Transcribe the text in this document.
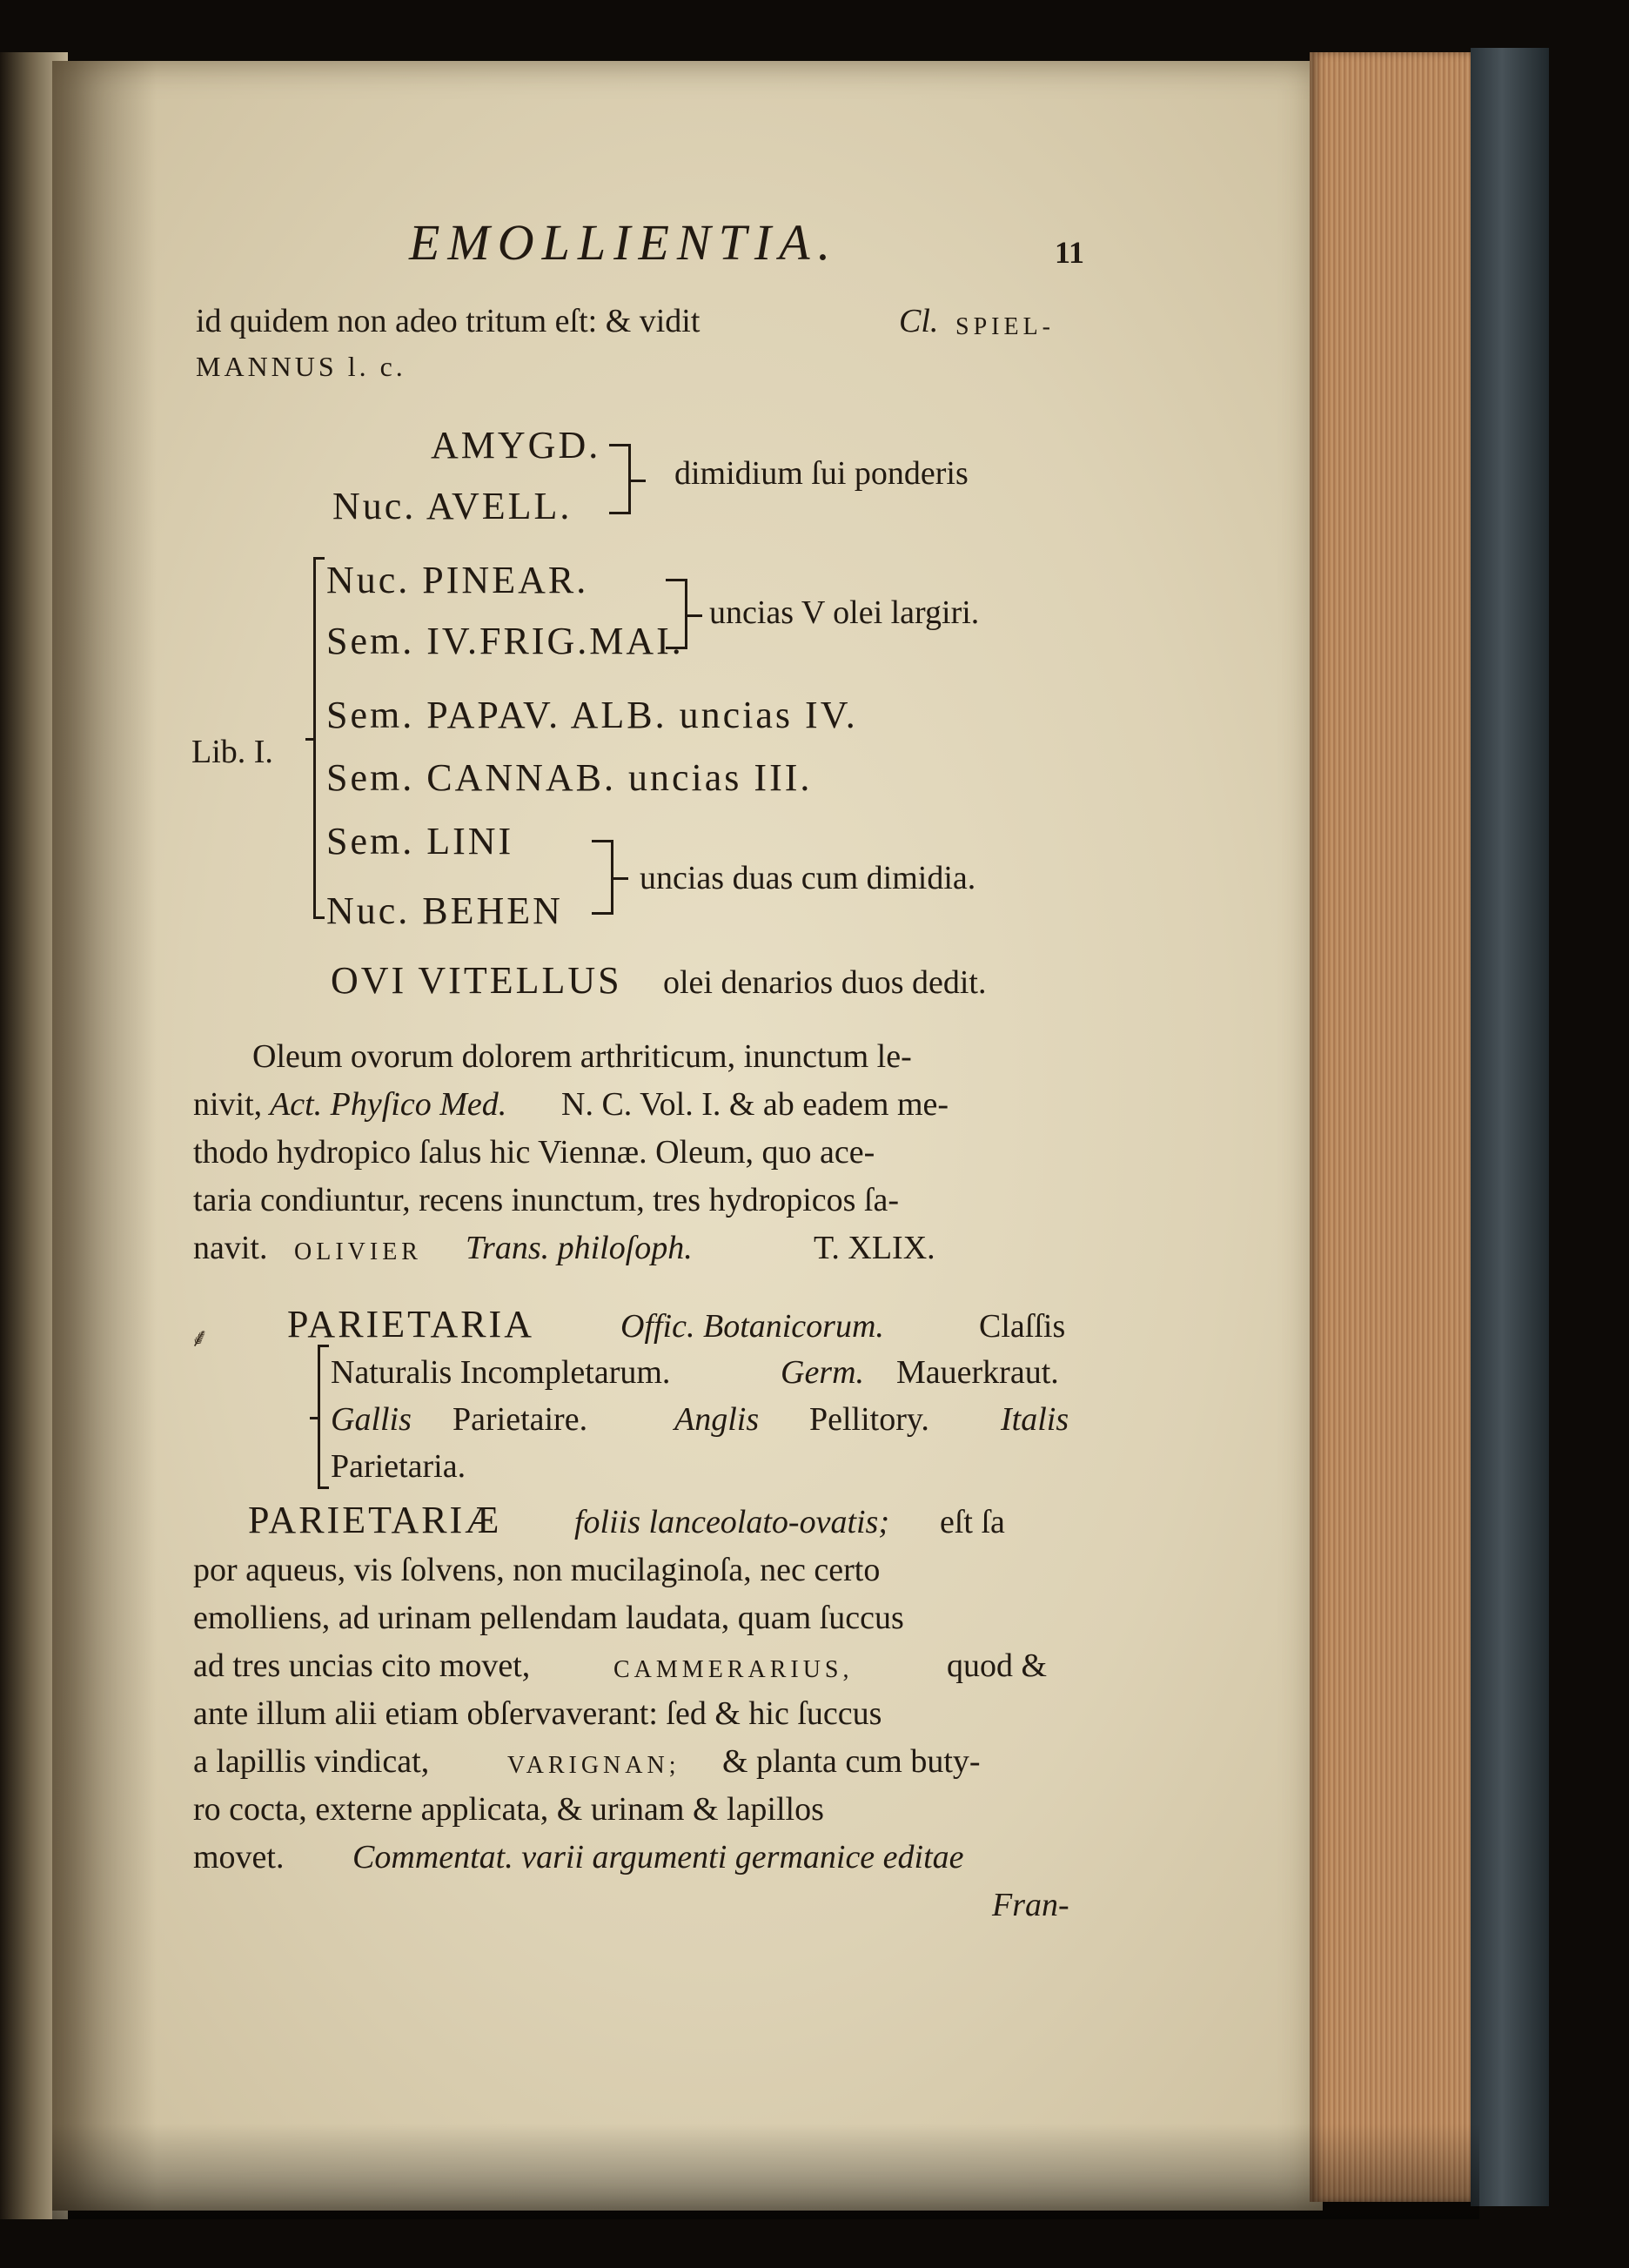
EMOLLIENTIA.	11
id quidem non adeo tritum eſt: & vidit	Cl. SPIEL-
MANNUS l. c.
AMYGD.
Nuc. AVELL.
dimidium ſui ponderis
Lib. I.
Nuc. PINEAR.
Sem. IV.FRIG.MAI.
uncias V olei largiri.
Sem. PAPAV. ALB. uncias IV.
Sem. CANNAB. uncias III.
Sem. LINI
Nuc. BEHEN
uncias duas cum dimidia.
OVI VITELLUS olei denarios duos dedit.
Oleum ovorum dolorem arthriticum, inunctum le-
nivit, Act. Phyſico Med. N. C. Vol. I. & ab eadem me-
thodo hydropico ſalus hic Viennæ. Oleum, quo ace-
taria condiuntur, recens inunctum, tres hydropicos ſa-
navit. OLIVIER Trans. philoſoph.	T. XLIX.
⸙ PARIETARIA	Offic. Botanicorum.	Claſſis
Naturalis Incompletarum.	Germ. Mauerkraut.
Gallis Parietaire.	Anglis Pellitory. Italis
Parietaria.
PARIETARIÆ foliis lanceolato-ovatis; eſt ſa
por aqueus, vis ſolvens, non mucilaginoſa, nec certo
emolliens, ad urinam pellendam laudata, quam ſuccus
ad tres uncias cito movet,	CAMMERARIUS,	quod &
ante illum alii etiam obſervaverant: ſed & hic ſuccus
a lapillis vindicat,	VARIGNAN; & planta cum buty-
ro cocta, externe applicata, & urinam & lapillos
movet. Commentat. varii argumenti germanice editae
Fran-
